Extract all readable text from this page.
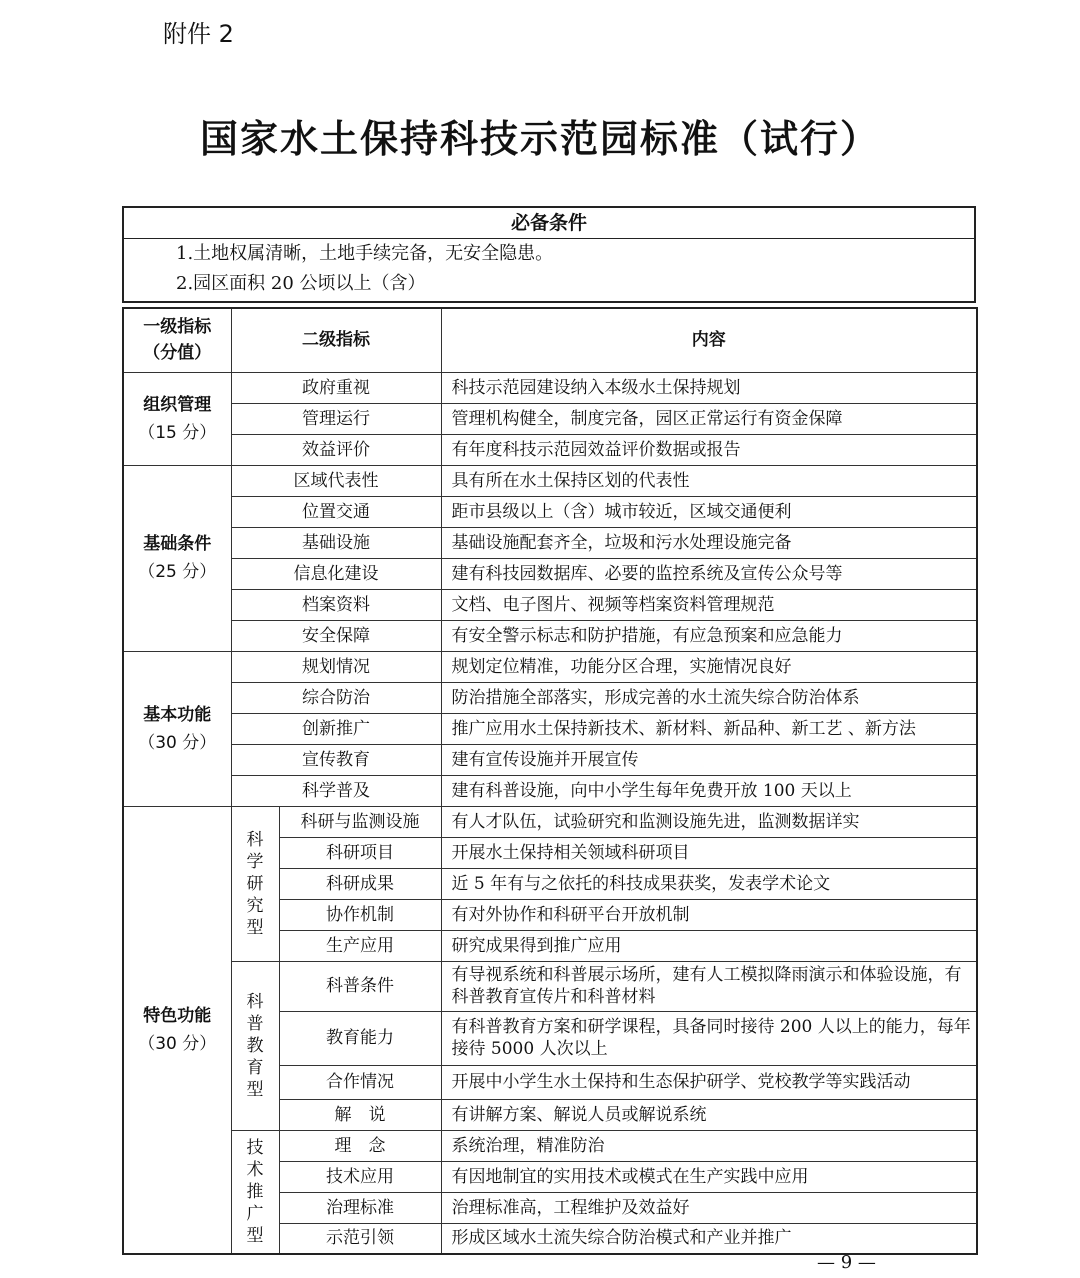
附件 2
国家水土保持科技示范园标准（试行）
必备条件
1.土地权属清晰，土地手续完备，无安全隐患。
2.园区面积 20 公顷以上（含）
一级指标
（分值）	二级指标		内容

组织管理
（15 分）	政府重视		科技示范园建设纳入本级水土保持规划
	管理运行		管理机构健全，制度完备，园区正常运行有资金保障
	效益评价		有年度科技示范园效益评价数据或报告

基础条件
（25 分）	区域代表性		具有所在水土保持区划的代表性
	位置交通		距市县级以上（含）城市较近，区域交通便利
	基础设施		基础设施配套齐全，垃圾和污水处理设施完备
	信息化建设		建有科技园数据库、必要的监控系统及宣传公众号等
	档案资料		文档、电子图片、视频等档案资料管理规范
	安全保障		有安全警示标志和防护措施，有应急预案和应急能力

基本功能
（30 分）	规划情况		规划定位精准，功能分区合理，实施情况良好
	综合防治		防治措施全部落实，形成完善的水土流失综合防治体系
	创新推广		推广应用水土保持新技术、新材料、新品种、新工艺 、新方法
	宣传教育		建有宣传设施并开展宣传
	科学普及		建有科普设施，向中小学生每年免费开放 100 天以上

特色功能
（30 分）	科学研究型	科研与监测设施	有人才队伍，试验研究和监测设施先进，监测数据详实
		科研项目	开展水土保持相关领域科研项目
		科研成果	近 5 年有与之依托的科技成果获奖，发表学术论文
		协作机制	有对外协作和科研平台开放机制
		生产应用	研究成果得到推广应用

	科普教育型	科普条件	有导视系统和科普展示场所，建有人工模拟降雨演示和体验设施，有科普教育宣传片和科普材料
		教育能力	有科普教育方案和研学课程，具备同时接待 200 人以上的能力，每年接待 5000 人次以上
		合作情况	开展中小学生水土保持和生态保护研学、党校教学等实践活动
		解　说	有讲解方案、解说人员或解说系统

	技术推广型	理　念	系统治理，精准防治
		技术应用	有因地制宜的实用技术或模式在生产实践中应用
		治理标准	治理标准高，工程维护及效益好
		示范引领	形成区域水土流失综合防治模式和产业并推广
— 9 —
